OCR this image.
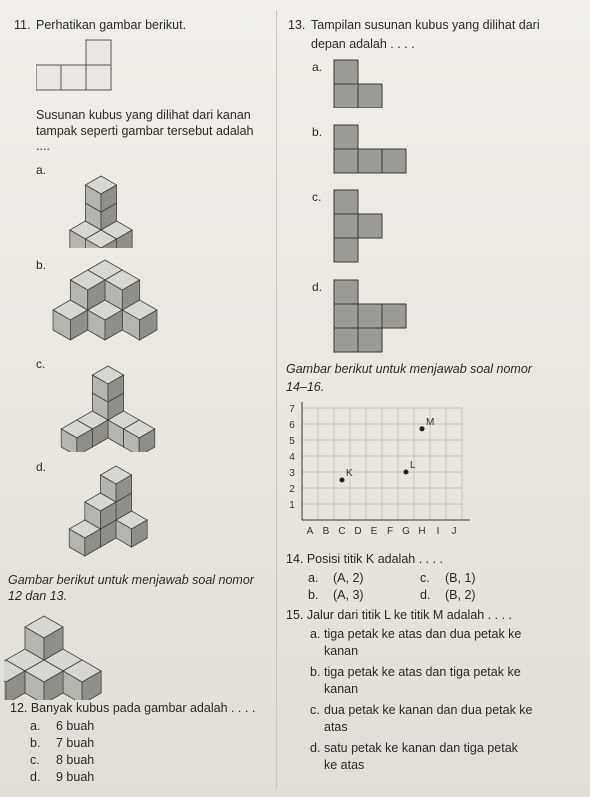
11. Perhatikan gambar berikut.
Susunan kubus yang dilihat dari kanan
tampak seperti gambar tersebut adalah
....
a.
b.
c.
d.
Gambar berikut untuk menjawab soal nomor
12 dan 13.
12. Banyak kubus pada gambar adalah . . . .
a. 6 buah
b. 7 buah
c. 8 buah
d. 9 buah
13. Tampilan susunan kubus yang dilihat dari
depan adalah . . . .
a.
b.
c.
d.
Gambar berikut untuk menjawab soal nomor
14–16.
A B C D E F G H I J
1
2
3
4
5
6
7
K
L
M
14. Posisi titik K adalah . . . .
a. (A, 2)
b. (A, 3)
c. (B, 1)
d. (B, 2)
15. Jalur dari titik L ke titik M adalah . . . .
a. tiga petak ke atas dan dua petak ke
kanan
b. tiga petak ke atas dan tiga petak ke
kanan
c. dua petak ke kanan dan dua petak ke
atas
d. satu petak ke kanan dan tiga petak
ke atas
